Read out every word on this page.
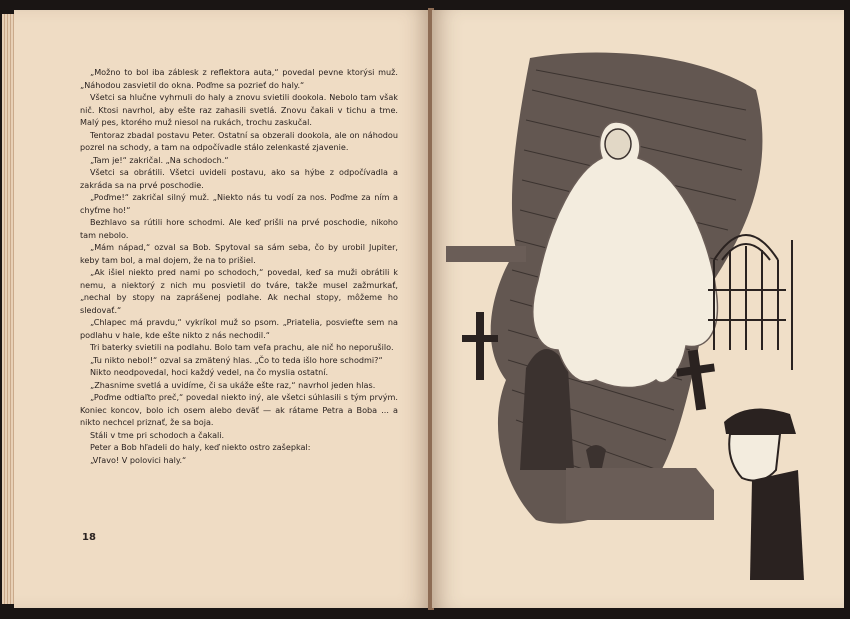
„Možno to bol iba záblesk z reflektora auta,“ povedal pevne ktorýsi muž. „Náhodou zasvietil do okna. Poďme sa pozrieť do haly.“

Všetci sa hlučne vyhrnuli do haly a znovu svietili dookola. Nebolo tam však nič. Ktosi navrhol, aby ešte raz zahasili svetlá. Znovu čakali v tichu a tme. Malý pes, ktorého muž niesol na rukách, trochu zaskučal.

Tentoraz zbadal postavu Peter. Ostatní sa obzerali dookola, ale on náhodou pozrel na schody, a tam na odpočívadle stálo zelenkasté zjavenie.

„Tam je!“ zakričal. „Na schodoch.“

Všetci sa obrátili. Všetci uvideli postavu, ako sa hýbe z odpočívadla a zakráda sa na prvé poschodie.

„Poďme!“ zakričal silný muž. „Niekto nás tu vodí za nos. Poďme za ním a chyťme ho!“

Bezhlavo sa rútili hore schodmi. Ale keď prišli na prvé poschodie, nikoho tam nebolo.

„Mám nápad,“ ozval sa Bob. Spytoval sa sám seba, čo by urobil Jupiter, keby tam bol, a mal dojem, že na to prišiel.

„Ak išiel niekto pred nami po schodoch,“ povedal, keď sa muži obrátili k nemu, a niektorý z nich mu posvietil do tváre, takže musel zažmurkať, „nechal by stopy na zaprášenej podlahe. Ak nechal stopy, môžeme ho sledovať.“

„Chlapec má pravdu,“ vykríkol muž so psom. „Priatelia, posvieťte sem na podlahu v hale, kde ešte nikto z nás nechodil.“

Tri baterky svietili na podlahu. Bolo tam veľa prachu, ale nič ho neporušilo.

„Tu nikto nebol!“ ozval sa zmätený hlas. „Čo to teda išlo hore schodmi?“

Nikto neodpovedal, hoci každý vedel, na čo myslia ostatní.

„Zhasnime svetlá a uvidíme, či sa ukáže ešte raz,“ navrhol jeden hlas.

„Poďme odtiaľto preč,“ povedal niekto iný, ale všetci súhlasili s tým prvým. Koniec koncov, bolo ich osem alebo deväť — ak rátame Petra a Boba ... a nikto nechcel priznať, že sa boja.

Stáli v tme pri schodoch a čakali.

Peter a Bob hľadeli do haly, keď niekto ostro zašepkal:

„Vľavo! V polovici haly.“

18
